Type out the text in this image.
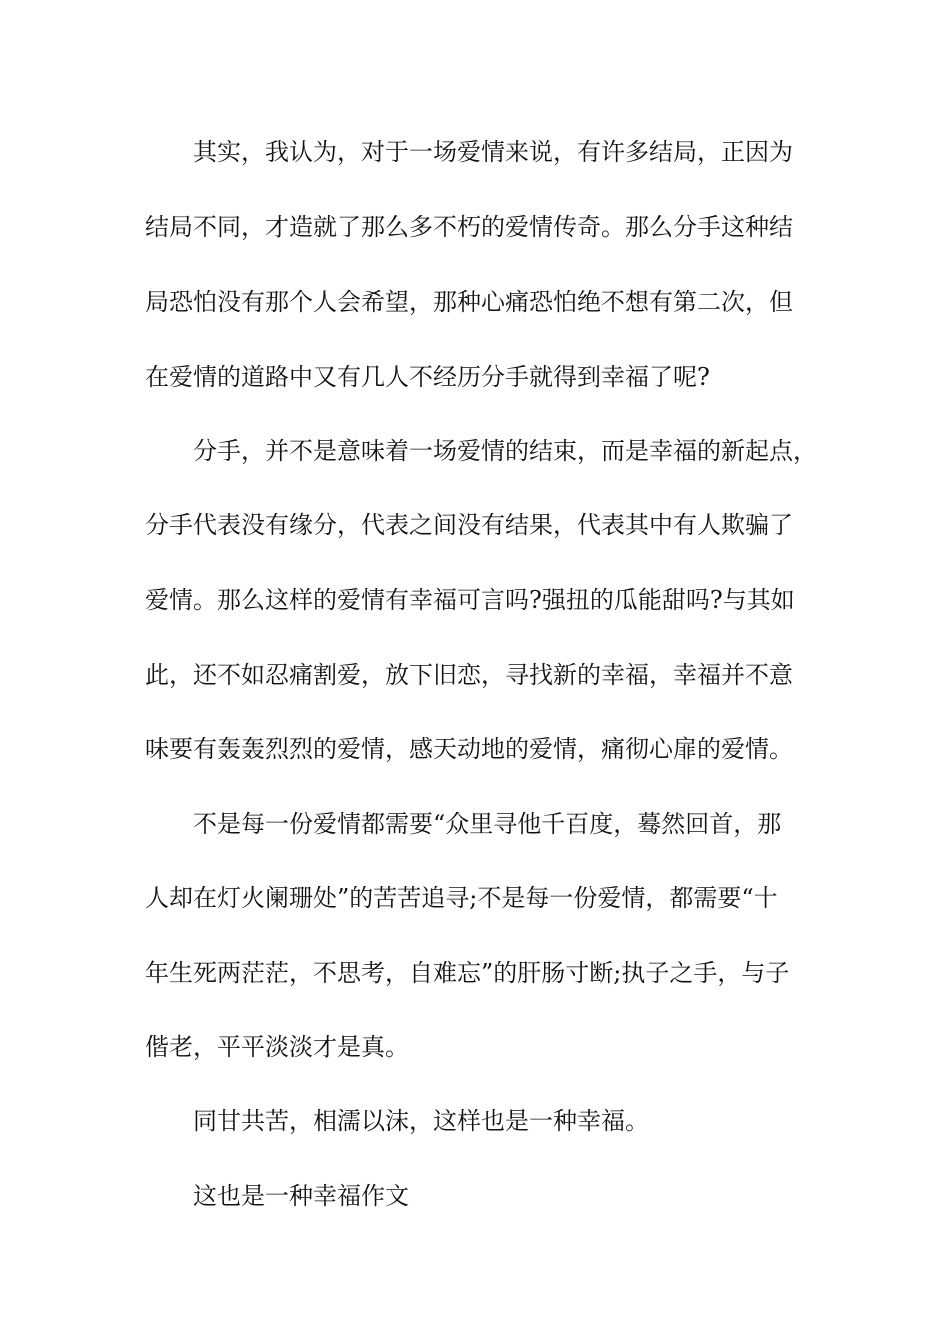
其实，我认为，对于一场爱情来说，有许多结局，正因为

结局不同，才造就了那么多不朽的爱情传奇。那么分手这种结

局恐怕没有那个人会希望，那种心痛恐怕绝不想有第二次，但

在爱情的道路中又有几人不经历分手就得到幸福了呢?

分手，并不是意味着一场爱情的结束，而是幸福的新起点，

分手代表没有缘分，代表之间没有结果，代表其中有人欺骗了

爱情。那么这样的爱情有幸福可言吗?强扭的瓜能甜吗?与其如

此，还不如忍痛割爱，放下旧恋，寻找新的幸福，幸福并不意

味要有轰轰烈烈的爱情，感天动地的爱情，痛彻心扉的爱情。

不是每一份爱情都需要“众里寻他千百度，蓦然回首，那

人却在灯火阑珊处”的苦苦追寻;不是每一份爱情，都需要“十

年生死两茫茫，不思考，自难忘”的肝肠寸断;执子之手，与子

偕老，平平淡淡才是真。

同甘共苦，相濡以沫，这样也是一种幸福。

这也是一种幸福作文
